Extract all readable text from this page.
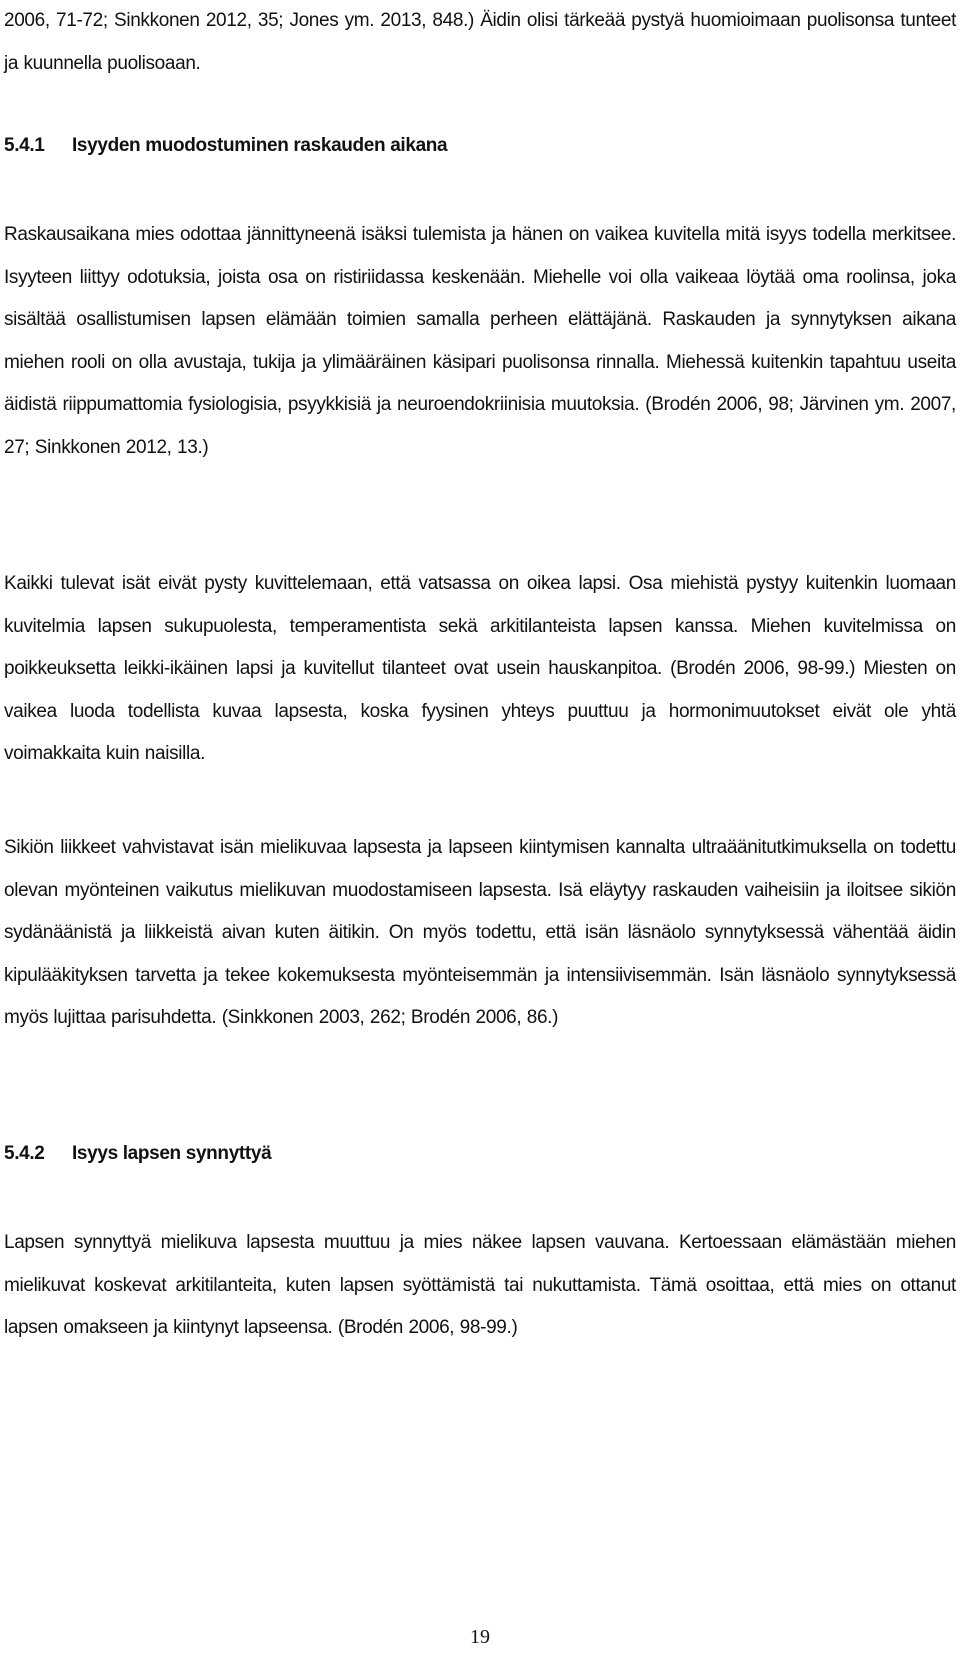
2006, 71-72; Sinkkonen 2012, 35; Jones ym. 2013, 848.) Äidin olisi tärkeää pystyä huomioimaan puolisonsa tunteet ja kuunnella puolisoaan.

5.4.1 Isyyden muodostuminen raskauden aikana

Raskausaikana mies odottaa jännittyneenä isäksi tulemista ja hänen on vaikea kuvitella mitä isyys todella merkitsee. Isyyteen liittyy odotuksia, joista osa on ristiriidassa keskenään. Miehelle voi olla vaikeaa löytää oma roolinsa, joka sisältää osallistumisen lapsen elämään toimien samalla perheen elättäjänä. Raskauden ja synnytyksen aikana miehen rooli on olla avustaja, tukija ja ylimääräinen käsipari puolisonsa rinnalla. Miehessä kuitenkin tapahtuu useita äidistä riippumattomia fysiologisia, psyykkisiä ja neuroendokriinisia muutoksia. (Brodén 2006, 98; Järvinen ym. 2007, 27; Sinkkonen 2012, 13.)

Kaikki tulevat isät eivät pysty kuvittelemaan, että vatsassa on oikea lapsi. Osa miehistä pystyy kuitenkin luomaan kuvitelmia lapsen sukupuolesta, temperamentista sekä arkitilanteista lapsen kanssa. Miehen kuvitelmissa on poikkeuksetta leikki-ikäinen lapsi ja kuvitellut tilanteet ovat usein hauskanpitoa. (Brodén 2006, 98-99.) Miesten on vaikea luoda todellista kuvaa lapsesta, koska fyysinen yhteys puuttuu ja hormonimuutokset eivät ole yhtä voimakkaita kuin naisilla.

Sikiön liikkeet vahvistavat isän mielikuvaa lapsesta ja lapseen kiintymisen kannalta ultraäänitutkimuksella on todettu olevan myönteinen vaikutus mielikuvan muodostamiseen lapsesta. Isä eläytyy raskauden vaiheisiin ja iloitsee sikiön sydänäänistä ja liikkeistä aivan kuten äitikin. On myös todettu, että isän läsnäolo synnytyksessä vähentää äidin kipulääkityksen tarvetta ja tekee kokemuksesta myönteisemmän ja intensiivisemmän. Isän läsnäolo synnytyksessä myös lujittaa parisuhdetta. (Sinkkonen 2003, 262; Brodén 2006, 86.)

5.4.2 Isyys lapsen synnyttyä

Lapsen synnyttyä mielikuva lapsesta muuttuu ja mies näkee lapsen vauvana. Kertoessaan elämästään miehen mielikuvat koskevat arkitilanteita, kuten lapsen syöttämistä tai nukuttamista. Tämä osoittaa, että mies on ottanut lapsen omakseen ja kiintynyt lapseensa. (Brodén 2006, 98-99.)

19
